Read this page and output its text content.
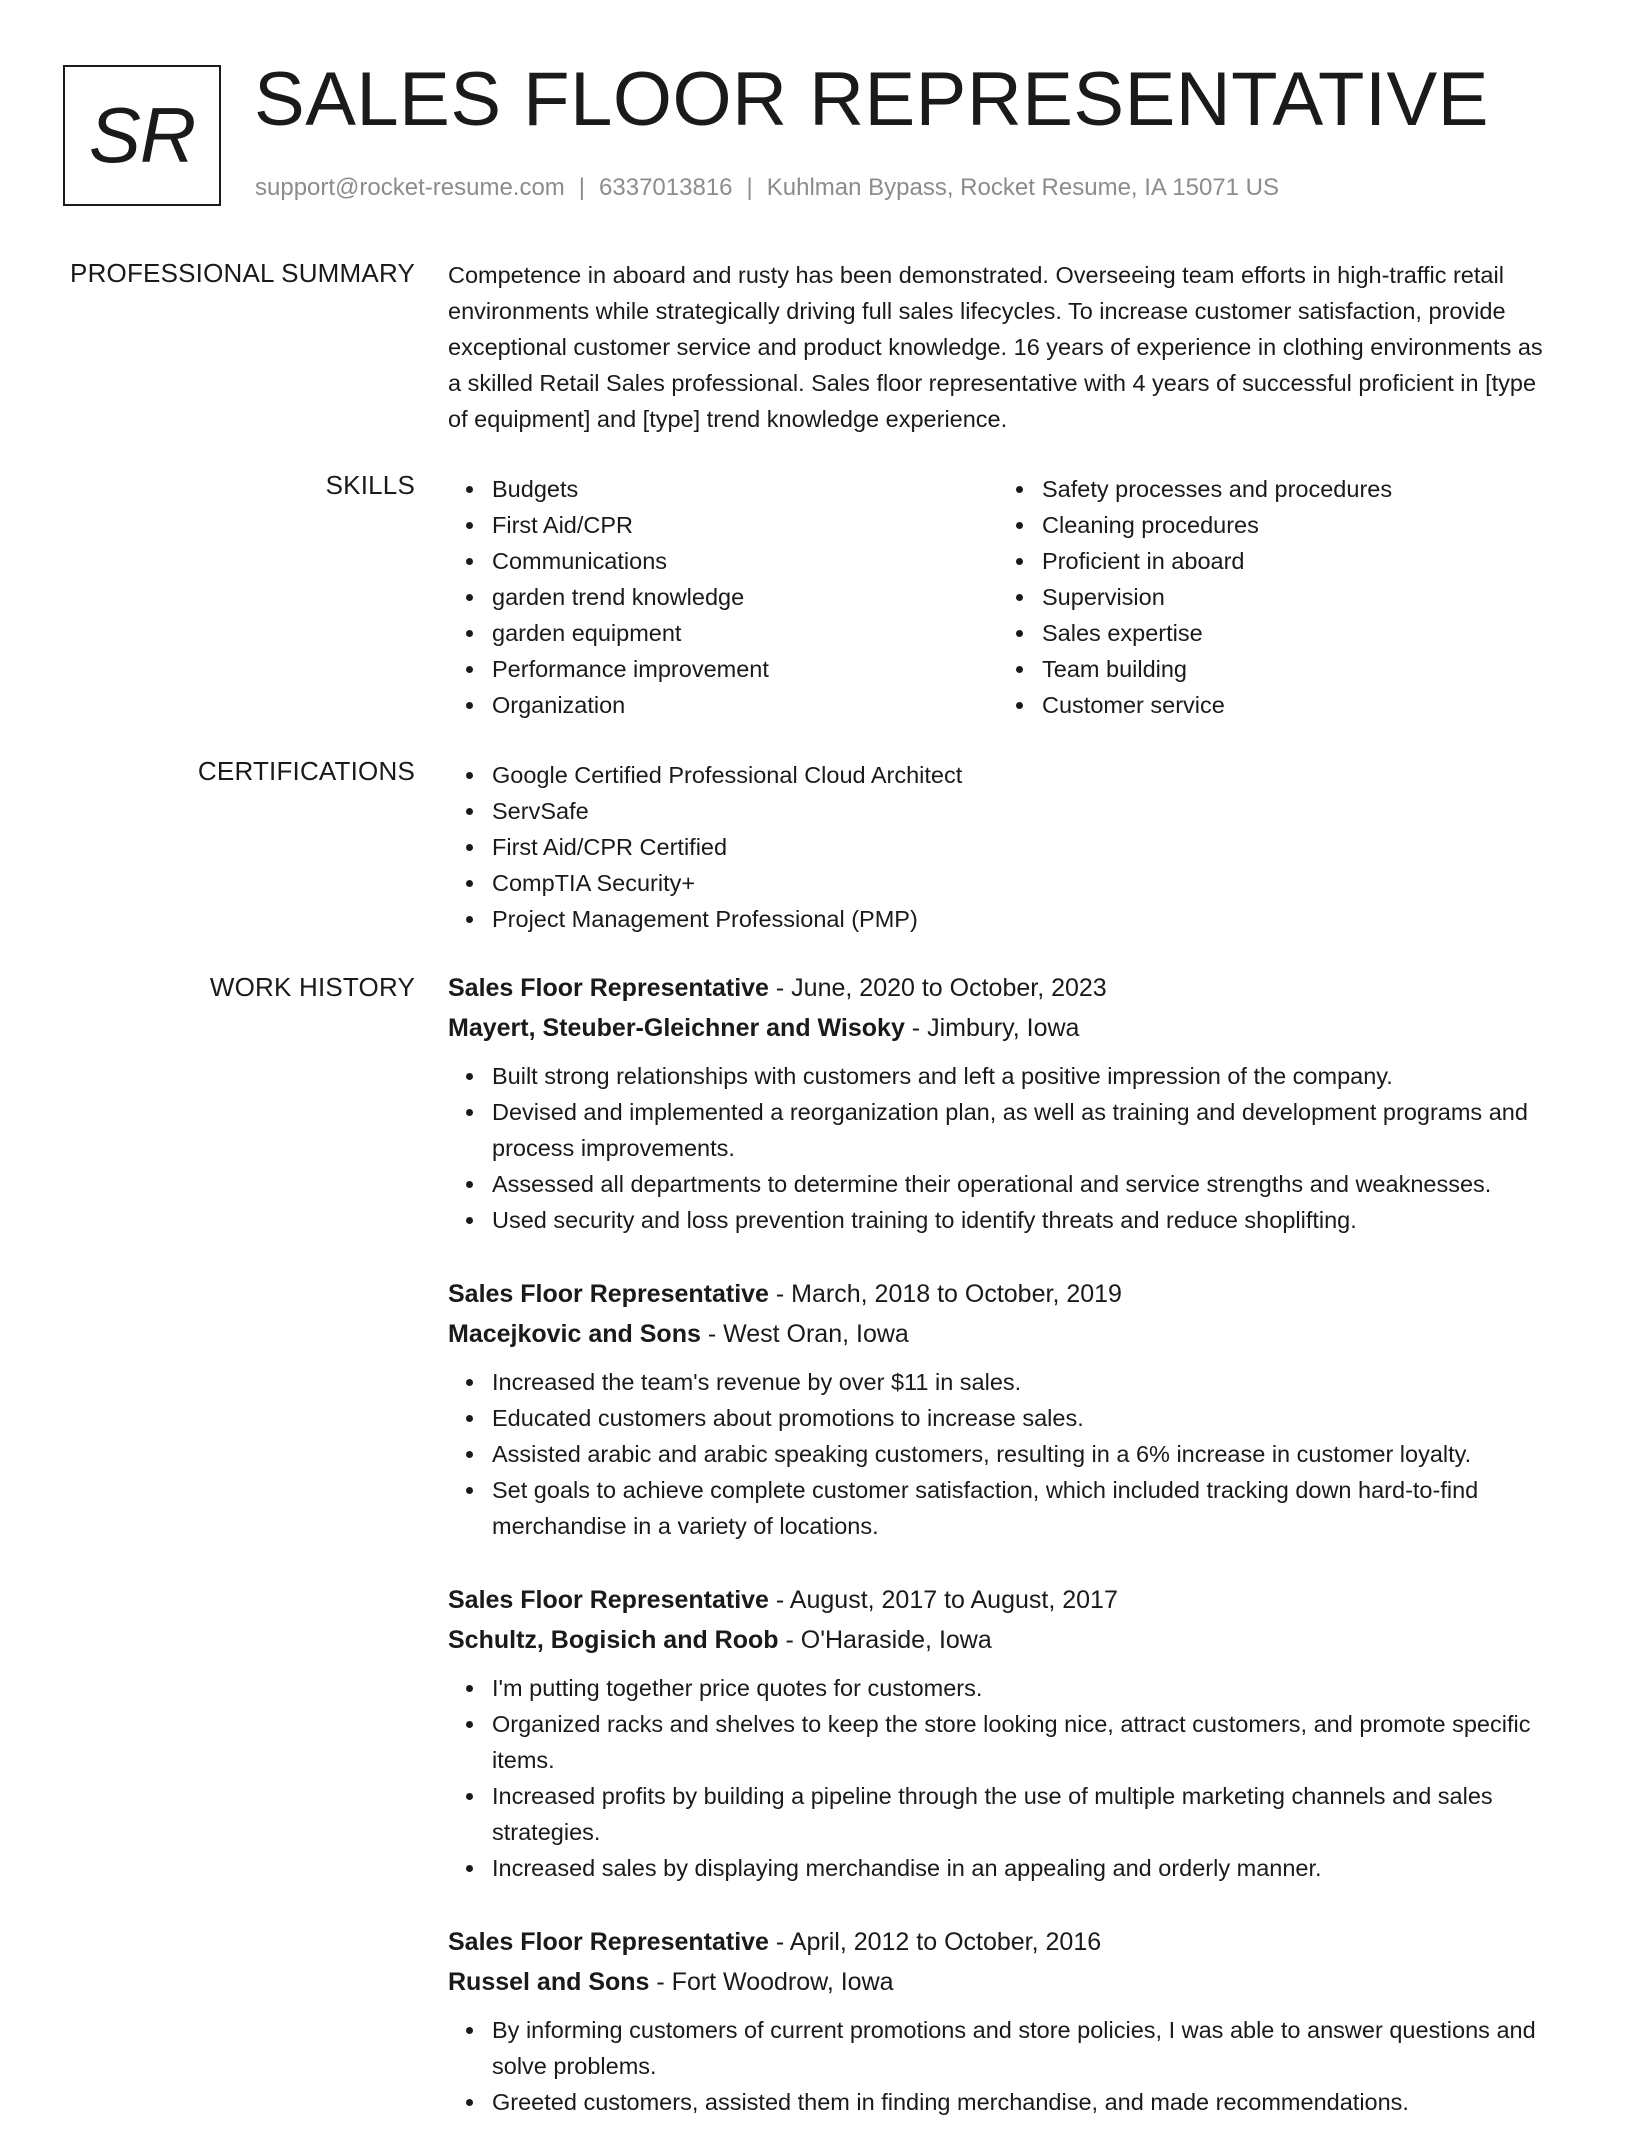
SR SALES FLOOR REPRESENTATIVE
support@rocket-resume.com | 6337013816 | Kuhlman Bypass, Rocket Resume, IA 15071 US
PROFESSIONAL SUMMARY Competence in aboard and rusty has been demonstrated. Overseeing team efforts in high-traffic retail environments while strategically driving full sales lifecycles. To increase customer satisfaction, provide exceptional customer service and product knowledge. 16 years of experience in clothing environments as a skilled Retail Sales professional. Sales floor representative with 4 years of successful proficient in [type of equipment] and [type] trend knowledge experience.

SKILLS	Budgets
First Aid/CPR
Communications
garden trend knowledge
garden equipment
Performance improvement
Organization
Safety processes and procedures
Cleaning procedures
Proficient in aboard
Supervision
Sales expertise
Team building
Customer service
CERTIFICATIONS	Google Certified Professional Cloud Architect
ServSafe
First Aid/CPR Certified
CompTIA Security+
Project Management Professional (PMP)
WORK HISTORY Sales Floor Representative - June, 2020 to October, 2023
Mayert, Steuber-Gleichner and Wisoky - Jimbury, Iowa
Built strong relationships with customers and left a positive impression of the company.
Devised and implemented a reorganization plan, as well as training and development programs and process improvements.
Assessed all departments to determine their operational and service strengths and weaknesses.
Used security and loss prevention training to identify threats and reduce shoplifting.
Sales Floor Representative - March, 2018 to October, 2019
Macejkovic and Sons - West Oran, Iowa
Increased the team's revenue by over $11 in sales.
Educated customers about promotions to increase sales.
Assisted arabic and arabic speaking customers, resulting in a 6% increase in customer loyalty.
Set goals to achieve complete customer satisfaction, which included tracking down hard-to-find merchandise in a variety of locations.
Sales Floor Representative - August, 2017 to August, 2017
Schultz, Bogisich and Roob - O'Haraside, Iowa
I'm putting together price quotes for customers.
Organized racks and shelves to keep the store looking nice, attract customers, and promote specific items.
Increased profits by building a pipeline through the use of multiple marketing channels and sales strategies.
Increased sales by displaying merchandise in an appealing and orderly manner.
Sales Floor Representative - April, 2012 to October, 2016
Russel and Sons - Fort Woodrow, Iowa
By informing customers of current promotions and store policies, I was able to answer questions and solve problems.
Greeted customers, assisted them in finding merchandise, and made recommendations.
